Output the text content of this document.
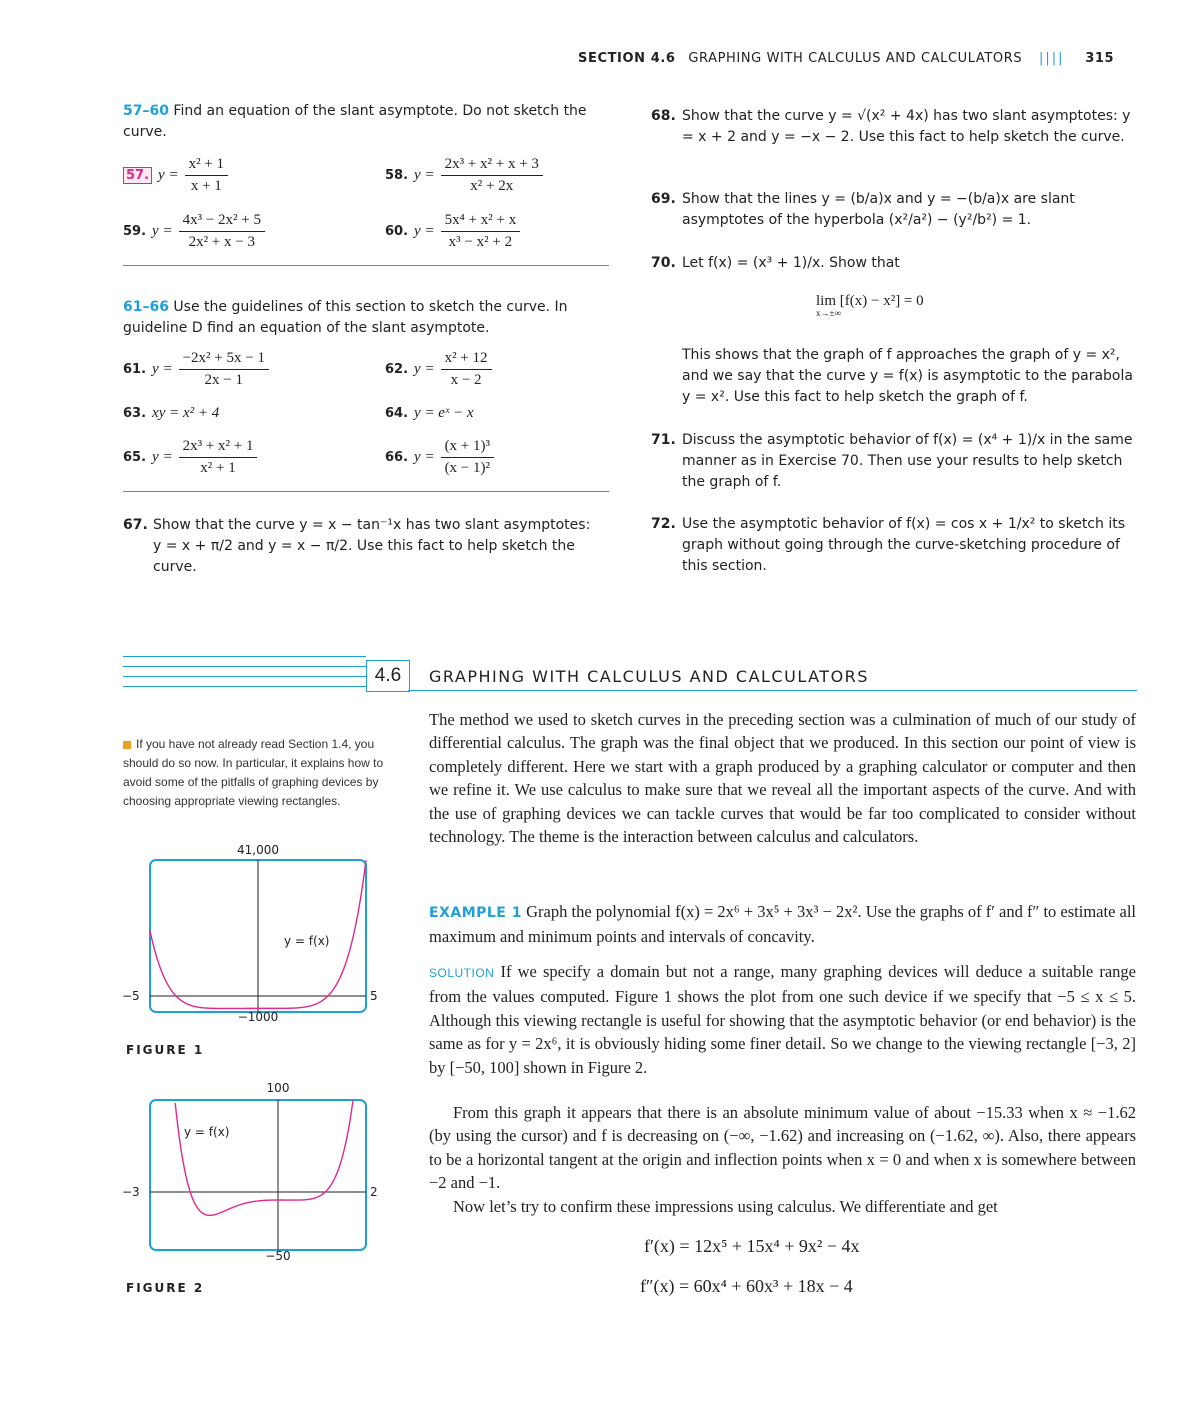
SECTION 4.6 GRAPHING WITH CALCULUS AND CALCULATORS |||| 315
57–60 Find an equation of the slant asymptote. Do not sketch the curve.
57. $y = \frac{\text{x² + 1}}{x + 1}$	58. $y = \frac{\text{2x³ + x² + x + 3}}{\text{x² + 2x}}$
59. $y = \frac{\text{4x³ − 2x² + 5}}{\text{2x² + x − 3}}$	60. $y = \frac{\text{5x⁴ + x² + x}}{\text{x³ − x² + 2}}$
61–66 Use the guidelines of this section to sketch the curve. In guideline D find an equation of the slant asymptote.
61. $y = \frac{\text{−2x² + 5x − 1}}{2x - 1}$	62. $y = \frac{\text{x² + 12}}{x - 2}$
63. xy = x² + 4	64. y = eˣ − x
65. $y = \frac{\text{2x³ + x² + 1}}{\text{x² + 1}}$	66. $y = \frac{\text{(x + 1)³}}{\text{(x − 1)²}}$
67. Show that the curve y = x − tan⁻¹x has two slant asymptotes: y = x + π/2 and y = x − π/2. Use this fact to help sketch the curve.
68. Show that the curve y = √(x² + 4x) has two slant asymptotes: y = x + 2 and y = −x − 2. Use this fact to help sketch the curve.
69. Show that the lines y = (b/a)x and y = −(b/a)x are slant asymptotes of the hyperbola (x²/a²) − (y²/b²) = 1.
70. Let f(x) = (x³ + 1)/x. Show that
lim [f(x) − x²] = 0
x→±∞
This shows that the graph of f approaches the graph of y = x², and we say that the curve y = f(x) is asymptotic to the parabola y = x². Use this fact to help sketch the graph of f.
71. Discuss the asymptotic behavior of f(x) = (x⁴ + 1)/x in the same manner as in Exercise 70. Then use your results to help sketch the graph of f.
72. Use the asymptotic behavior of f(x) = cos x + 1/x² to sketch its graph without going through the curve-sketching procedure of this section.
4.6 GRAPHING WITH CALCULUS AND CALCULATORS
If you have not already read Section 1.4, you should do so now. In particular, it explains how to avoid some of the pitfalls of graphing devices by choosing appropriate viewing rectangles.
The method we used to sketch curves in the preceding section was a culmination of much of our study of differential calculus. The graph was the final object that we produced. In this section our point of view is completely different. Here we start with a graph produced by a graphing calculator or computer and then we refine it. We use calculus to make sure that we reveal all the important aspects of the curve. And with the use of graphing devices we can tackle curves that would be far too complicated to consider without technology. The theme is the interaction between calculus and calculators.
EXAMPLE 1 Graph the polynomial f(x) = 2x⁶ + 3x⁵ + 3x³ − 2x². Use the graphs of f′ and f″ to estimate all maximum and minimum points and intervals of concavity.
SOLUTION If we specify a domain but not a range, many graphing devices will deduce a suitable range from the values computed. Figure 1 shows the plot from one such device if we specify that −5 ≤ x ≤ 5. Although this viewing rectangle is useful for showing that the asymptotic behavior (or end behavior) is the same as for y = 2x⁶, it is obviously hiding some finer detail. So we change to the viewing rectangle [−3, 2] by [−50, 100] shown in Figure 2.
From this graph it appears that there is an absolute minimum value of about −15.33 when x ≈ −1.62 (by using the cursor) and f is decreasing on (−∞, −1.62) and increasing on (−1.62, ∞). Also, there appears to be a horizontal tangent at the origin and inflection points when x = 0 and when x is somewhere between −2 and −1.
Now let’s try to confirm these impressions using calculus. We differentiate and get
f′(x) = 12x⁵ + 15x⁴ + 9x² − 4x
f″(x) = 60x⁴ + 60x³ + 18x − 4
41,000
−1000
−5	5
y = f(x)
FIGURE 1
100
−50
−3	2
y = f(x)
FIGURE 2
